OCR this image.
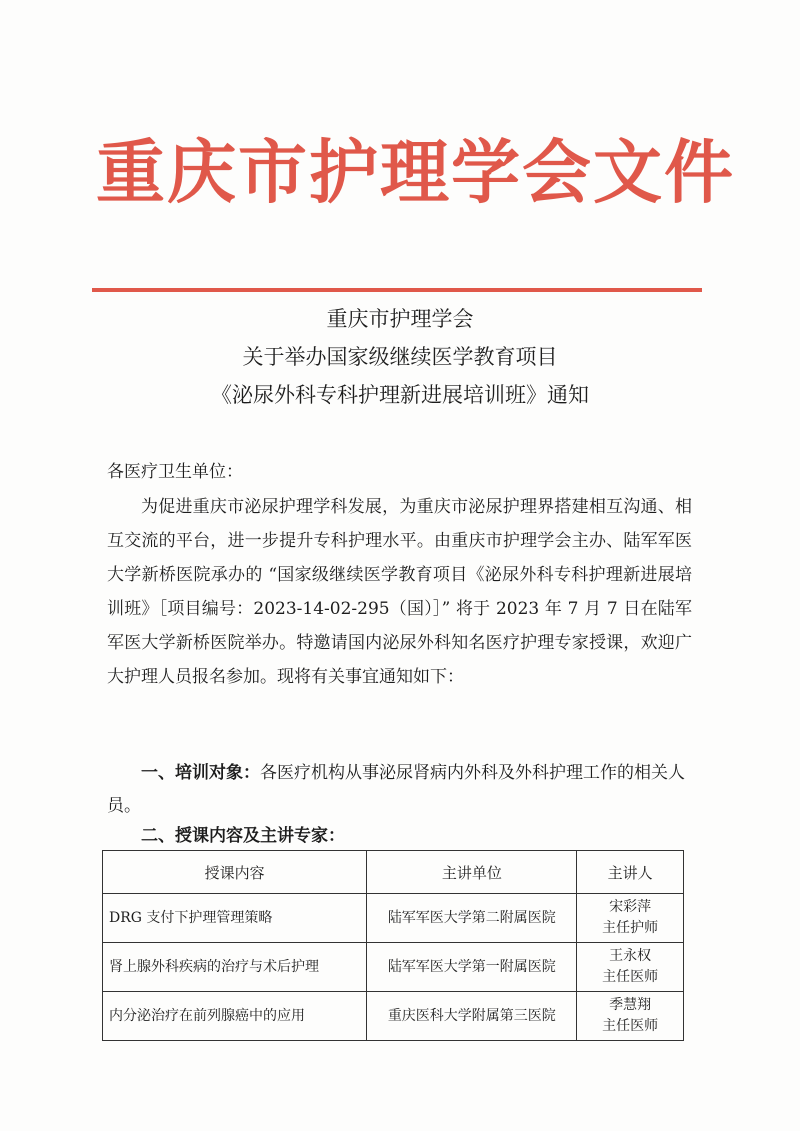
重庆市护理学会文件
重庆市护理学会
关于举办国家级继续医学教育项目
《泌尿外科专科护理新进展培训班》通知
各医疗卫生单位：

为促进重庆市泌尿护理学科发展，为重庆市泌尿护理界搭建相互沟通、相互交流的平台，进一步提升专科护理水平。由重庆市护理学会主办、陆军军医大学新桥医院承办的 “国家级继续医学教育项目《泌尿外科专科护理新进展培训班》［项目编号：2023-14-02-295（国）］” 将于 2023 年 7 月 7 日在陆军军医大学新桥医院举办。特邀请国内泌尿外科知名医疗护理专家授课，欢迎广大护理人员报名参加。现将有关事宜通知如下：

一、培训对象：各医疗机构从事泌尿肾病内外科及外科护理工作的相关人员。
二、授课内容及主讲专家：
授课内容	主讲单位	主讲人
DRG 支付下护理管理策略	陆军军医大学第二附属医院	宋彩萍
主任护师

肾上腺外科疾病的治疗与术后护理	陆军军医大学第一附属医院	王永权
主任医师

内分泌治疗在前列腺癌中的应用	重庆医科大学附属第三医院	季慧翔
主任医师
